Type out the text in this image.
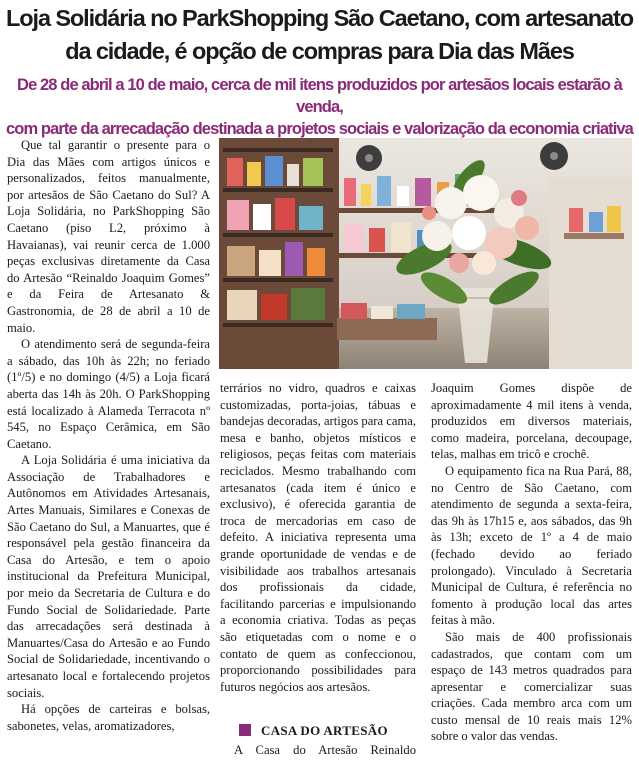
Loja Solidária no ParkShopping São Caetano, com artesanato
da cidade, é opção de compras para Dia das Mães
De 28 de abril a 10 de maio, cerca de mil itens produzidos por artesãos locais estarão à venda,
com parte da arrecadação destinada a projetos sociais e valorização da economia criativa

Que tal garantir o presente para o Dia das Mães com artigos únicos e personalizados, feitos manualmente, por artesãos de São Caetano do Sul? A Loja Solidária, no ParkShopping São Caetano (piso L2, próximo à Havaianas), vai reunir cerca de 1.000 peças exclusivas diretamente da Casa do Artesão “Reinaldo Joaquim Gomes” e da Feira de Artesanato & Gastronomia, de 28 de abril a 10 de maio.

O atendimento será de segunda-feira a sábado, das 10h às 22h; no feriado (1º/5) e no domingo (4/5) a Loja ficará aberta das 14h às 20h. O ParkShopping está localizado à Alameda Terracota nº 545, no Espaço Cerâmica, em São Caetano.

A Loja Solidária é uma iniciativa da Associação de Trabalhadores e Autônomos em Atividades Artesanais, Artes Manuais, Similares e Conexas de São Caetano do Sul, a Manuartes, que é responsável pela gestão financeira da Casa do Artesão, e tem o apoio institucional da Prefeitura Municipal, por meio da Secretaria de Cultura e do Fundo Social de Solidariedade. Parte das arrecadações será destinada à Manuartes/Casa do Artesão e ao Fundo Social de Solidariedade, incentivando o artesanato local e fortalecendo projetos sociais.

Há opções de carteiras e bolsas, sabonetes, velas, aromatizadores,

terrários no vidro, quadros e caixas customizadas, porta-joias, tábuas e bandejas decoradas, artigos para cama, mesa e banho, objetos místicos e religiosos, peças feitas com materiais reciclados. Mesmo trabalhando com artesanatos (cada item é único e exclusivo), é oferecida garantia de troca de mercadorias em caso de defeito. A iniciativa representa uma grande oportunidade de vendas e de visibilidade aos trabalhos artesanais dos profissionais da cidade, facilitando parcerias e impulsionando a economia criativa. Todas as peças são etiquetadas com o nome e o contato de quem as confeccionou, proporcionando possibilidades para futuros negócios aos artesãos.

CASA DO ARTESÃO

A Casa do Artesão Reinaldo

Joaquim Gomes dispõe de aproximadamente 4 mil itens à venda, produzidos em diversos materiais, como madeira, porcelana, decoupage, telas, malhas em tricô e crochê.

O equipamento fica na Rua Pará, 88, no Centro de São Caetano, com atendimento de segunda a sexta-feira, das 9h às 17h15 e, aos sábados, das 9h às 13h; exceto de 1º a 4 de maio (fechado devido ao feriado prolongado). Vinculado à Secretaria Municipal de Cultura, é referência no fomento à produção local das artes feitas à mão.

São mais de 400 profissionais cadastrados, que contam com um espaço de 143 metros quadrados para apresentar e comercializar suas criações. Cada membro arca com um custo mensal de 10 reais mais 12% sobre o valor das vendas.
